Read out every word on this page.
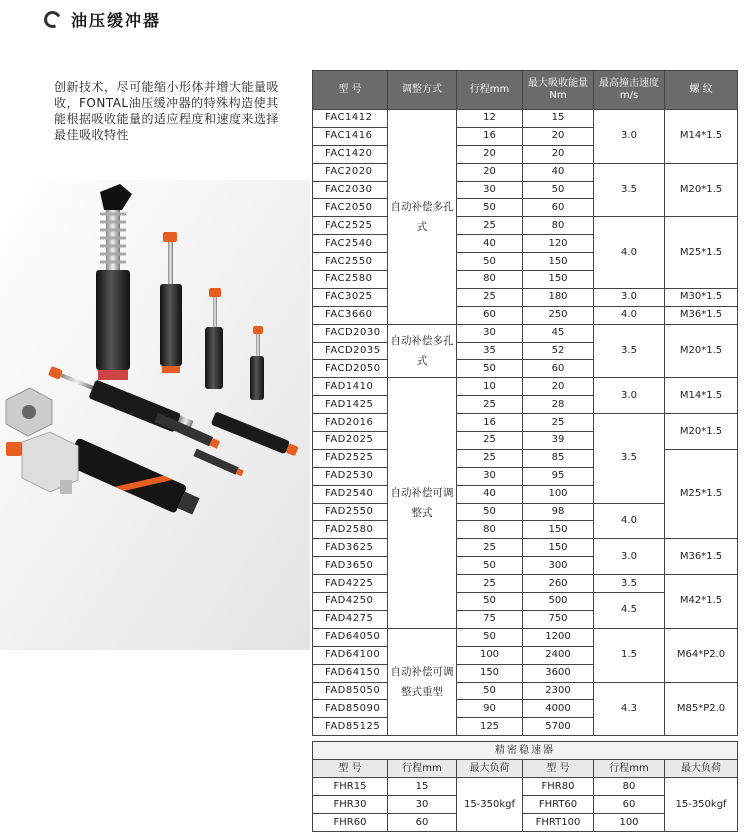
油压缓冲器
创新技术，尽可能缩小形体并增大能量吸收，FONTAL油压缓冲器的特殊构造使其能根据吸收能量的适应程度和速度来选择最佳吸收特性
型 号	调整方式	行程mm	最大吸收能量Nm	最高撞击速度m/s	螺 纹
FAC1412	自动补偿多孔式	12	15	3.0	M14*1.5
FAC1416		16	20		
FAC1420		20	20		
FAC2020		20	40	3.5	M20*1.5
FAC2030		30	50		
FAC2050		50	60		
FAC2525		25	80	4.0	M25*1.5
FAC2540		40	120		
FAC2550		50	150		
FAC2580		80	150		
FAC3025		25	180	3.0	M30*1.5
FAC3660		60	250	4.0	M36*1.5
FACD2030	自动补偿多孔式	30	45	3.5	M20*1.5
FACD2035		35	52		
FACD2050		50	60		
FAD1410	自动补偿可调整式	10	20	3.0	M14*1.5
FAD1425		25	28		
FAD2016		16	25	3.5	M20*1.5
FAD2025		25	39		
FAD2525		25	85		M25*1.5
FAD2530		30	95		
FAD2540		40	100		
FAD2550		50	98	4.0	
FAD2580		80	150		
FAD3625		25	150	3.0	M36*1.5
FAD3650		50	300		
FAD4225		25	260	3.5	M42*1.5
FAD4250		50	500	4.5	
FAD4275		75	750		
FAD64050	自动补偿可调整式重型	50	1200	1.5	M64*P2.0
FAD64100		100	2400		
FAD64150		150	3600		
FAD85050		50	2300	4.3	M85*P2.0
FAD85090		90	4000		
FAD85125		125	5700		
精密稳速器					
型 号	行程mm	最大负荷	型 号	行程mm	最大负荷
FHR15	15	15-350kgf	FHR80	80	15-350kgf
FHR30	30		FHRT60	60	
FHR60	60		FHRT100	100	
